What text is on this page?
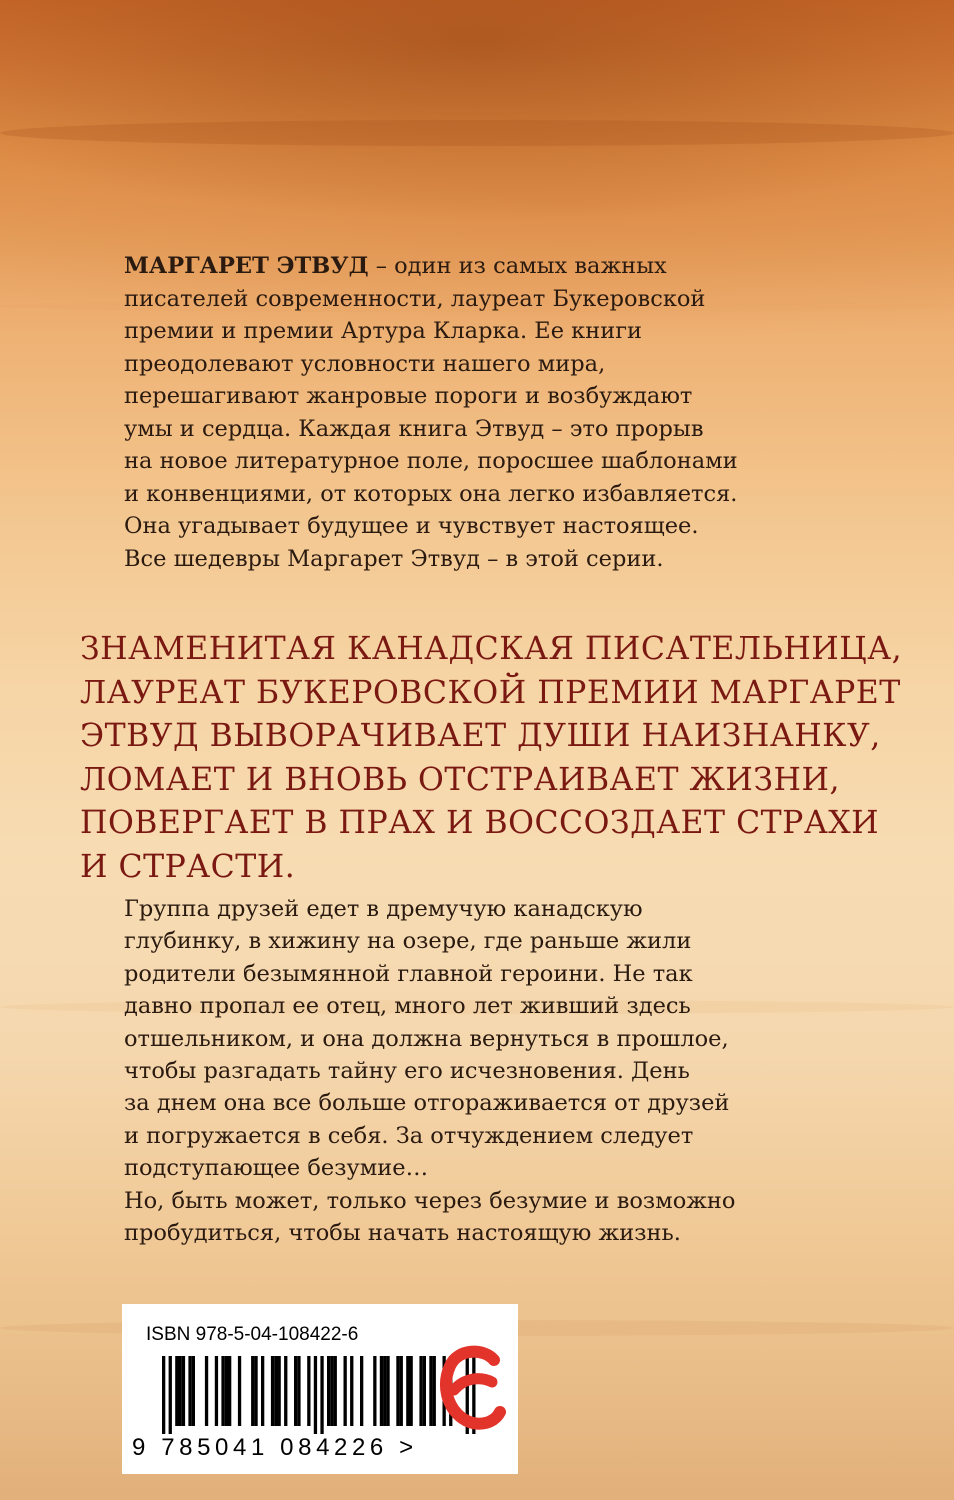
МАРГАРЕТ ЭТВУД – один из самых важных
писателей современности, лауреат Букеровской
премии и премии Артура Кларка. Ее книги
преодолевают условности нашего мира,
перешагивают жанровые пороги и возбуждают
умы и сердца. Каждая книга Этвуд – это прорыв
на новое литературное поле, поросшее шаблонами
и конвенциями, от которых она легко избавляется.
Она угадывает будущее и чувствует настоящее.
Все шедевры Маргарет Этвуд – в этой серии.
ЗНАМЕНИТАЯ КАНАДСКАЯ ПИСАТЕЛЬНИЦА,
ЛАУРЕАТ БУКЕРОВСКОЙ ПРЕМИИ МАРГАРЕТ
ЭТВУД ВЫВОРАЧИВАЕТ ДУШИ НАИЗНАНКУ,
ЛОМАЕТ И ВНОВЬ ОТСТРАИВАЕТ ЖИЗНИ,
ПОВЕРГАЕТ В ПРАХ И ВОССОЗДАЕТ СТРАХИ
И СТРАСТИ.
Группа друзей едет в дремучую канадскую
глубинку, в хижину на озере, где раньше жили
родители безымянной главной героини. Не так
давно пропал ее отец, много лет живший здесь
отшельником, и она должна вернуться в прошлое,
чтобы разгадать тайну его исчезновения. День
за днем она все больше отгораживается от друзей
и погружается в себя. За отчуждением следует
подступающее безумие…
Но, быть может, только через безумие и возможно
пробудиться, чтобы начать настоящую жизнь.
ISBN 978-5-04-108422-6
9 785041 084226 >
